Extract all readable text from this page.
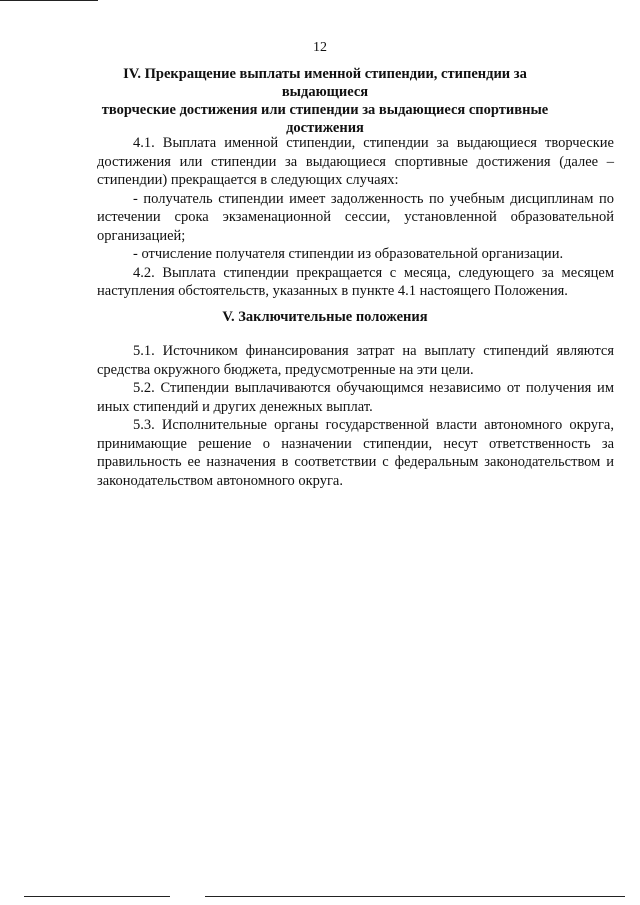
12
IV. Прекращение выплаты именной стипендии, стипендии за выдающиеся
творческие достижения или стипендии за выдающиеся спортивные
достижения

4.1. Выплата именной стипендии, стипендии за выдающиеся творческие достижения или стипендии за выдающиеся спортивные достижения (далее – стипендии) прекращается в следующих случаях:

- получатель стипендии имеет задолженность по учебным дисциплинам по истечении срока экзаменационной сессии, установленной образовательной организацией;

- отчисление получателя стипендии из образовательной организации.

4.2. Выплата стипендии прекращается с месяца, следующего за месяцем наступления обстоятельств, указанных в пункте 4.1 настоящего Положения.

V. Заключительные положения

5.1. Источником финансирования затрат на выплату стипендий являются средства окружного бюджета, предусмотренные на эти цели.

5.2. Стипендии выплачиваются обучающимся независимо от получения им иных стипендий и других денежных выплат.

5.3. Исполнительные органы государственной власти автономного округа, принимающие решение о назначении стипендии, несут ответственность за правильность ее назначения в соответствии с федеральным законодательством и законодательством автономного округа.
